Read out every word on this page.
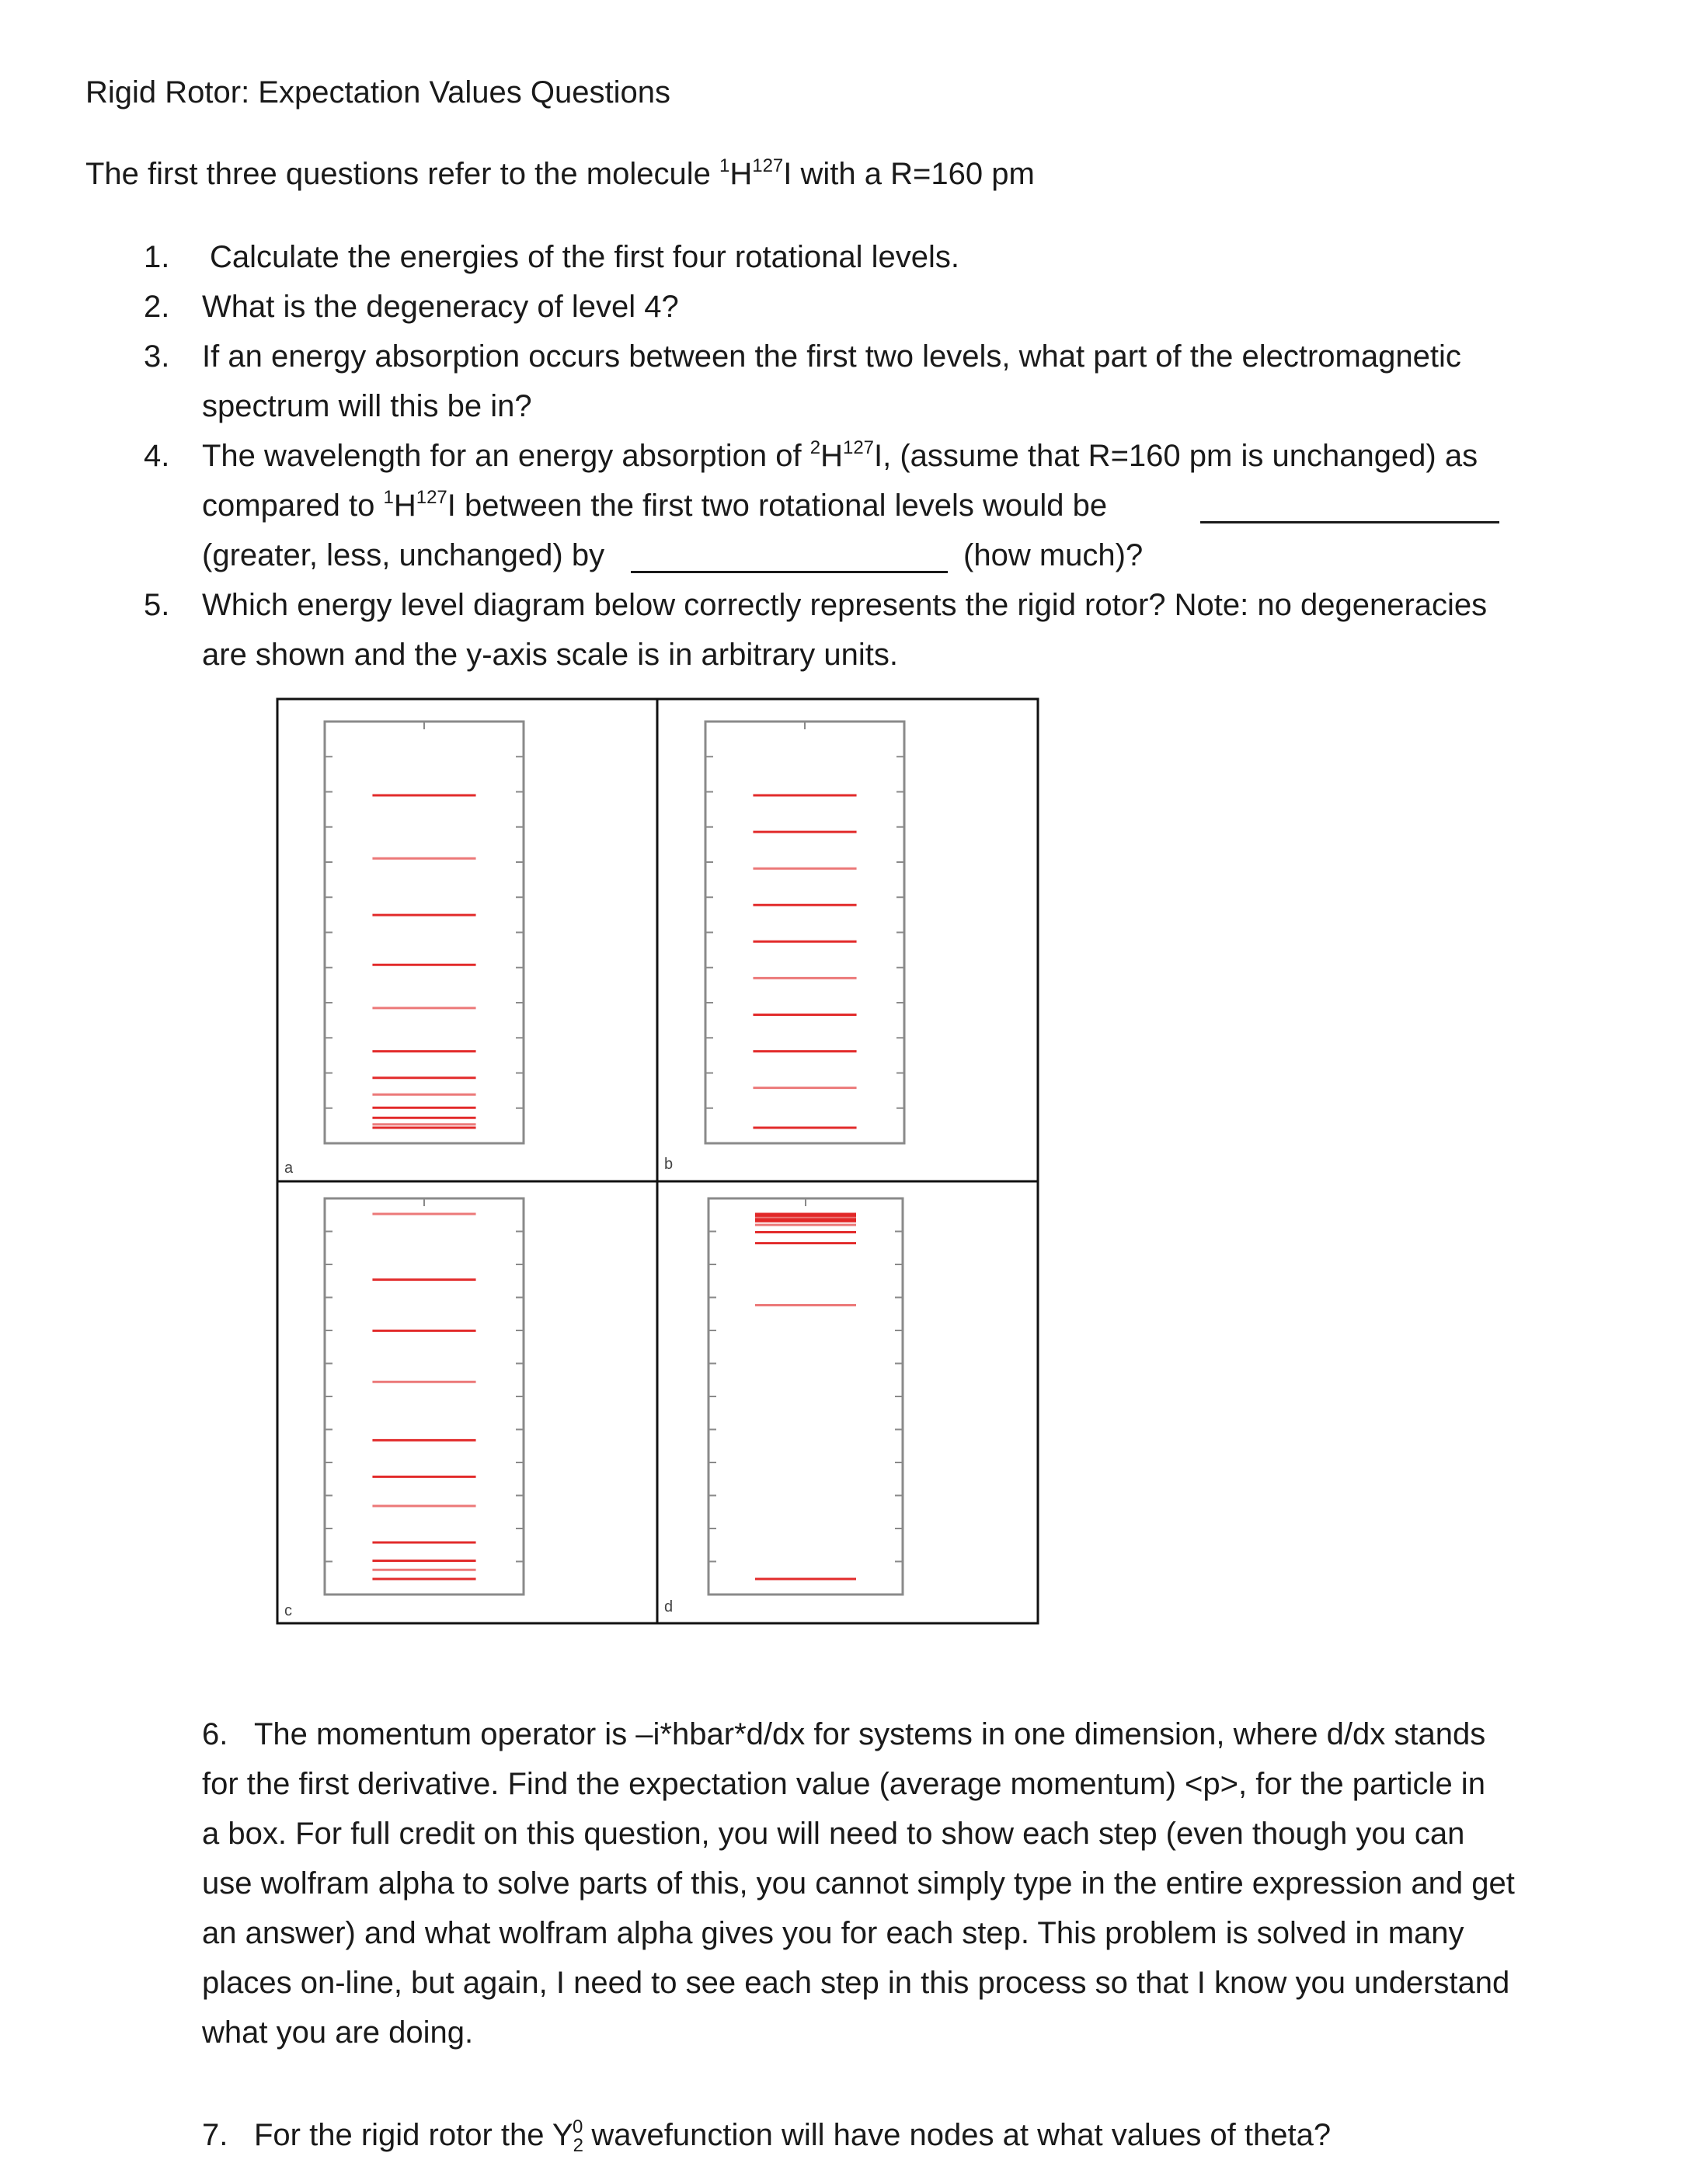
Rigid Rotor: Expectation Values Questions
The first three questions refer to the molecule $^1H^{127}I$ with a R=160 pm
1. Calculate the energies of the first four rotational levels.
2. What is the degeneracy of level 4?
3. If an energy absorption occurs between the first two levels, what part of the electromagnetic
spectrum will this be in?
4. The wavelength for an energy absorption of $^2H^{127}I$, (assume that R=160 pm is unchanged) as
compared to $^1H^{127}I$ between the first two rotational levels would be
(greater, less, unchanged) by	(how much)?
5. Which energy level diagram below correctly represents the rigid rotor? Note: no degeneracies
are shown and the y-axis scale is in arbitrary units.
a	b
c	d
6. The momentum operator is –i*hbar*d/dx for systems in one dimension, where d/dx stands
for the first derivative. Find the expectation value (average momentum) <p>, for the particle in
a box. For full credit on this question, you will need to show each step (even though you can
use wolfram alpha to solve parts of this, you cannot simply type in the entire expression and get
an answer) and what wolfram alpha gives you for each step. This problem is solved in many
places on-line, but again, I need to see each step in this process so that I know you understand
what you are doing.
7. For the rigid rotor the $Y_2^0$ wavefunction will have nodes at what values of theta?
